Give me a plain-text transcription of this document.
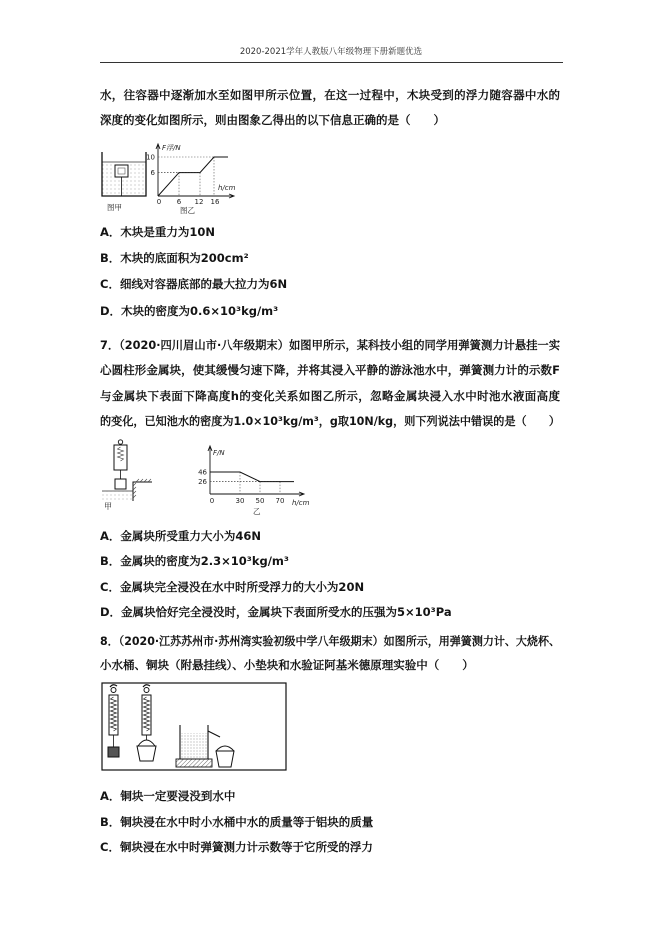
2020-2021学年人教版八年级物理下册新题优选
水，往容器中逐渐加水至如图甲所示位置，在这一过程中，木块受到的浮力随容器中水的
深度的变化如图所示，则由图象乙得出的以下信息正确的是（　　）
图甲
F浮/N
10
6
h/cm
0 6 12 16
图乙
A．木块是重力为10N
B．木块的底面积为200cm²
C．细线对容器底部的最大拉力为6N
D．木块的密度为0.6×10³kg/m³
7．（2020·四川眉山市·八年级期末）如图甲所示，某科技小组的同学用弹簧测力计悬挂一实
心圆柱形金属块，使其缓慢匀速下降，并将其浸入平静的游泳池水中，弹簧测力计的示数F
与金属块下表面下降高度h的变化关系如图乙所示，忽略金属块浸入水中时池水液面高度
的变化，已知池水的密度为1.0×10³kg/m³，g取10N/kg，则下列说法中错误的是（　　）
甲
F/N
46
26
h/cm
0	30 50 70
乙
A．金属块所受重力大小为46N
B．金属块的密度为2.3×10³kg/m³
C．金属块完全浸没在水中时所受浮力的大小为20N
D．金属块恰好完全浸没时，金属块下表面所受水的压强为5×10³Pa
8．（2020·江苏苏州市·苏州湾实验初级中学八年级期末）如图所示，用弹簧测力计、大烧杯、
小水桶、铜块（附悬挂线）、小垫块和水验证阿基米德原理实验中（　　）
A．铜块一定要浸没到水中
B．铜块浸在水中时小水桶中水的质量等于铝块的质量
C．铜块浸在水中时弹簧测力计示数等于它所受的浮力
